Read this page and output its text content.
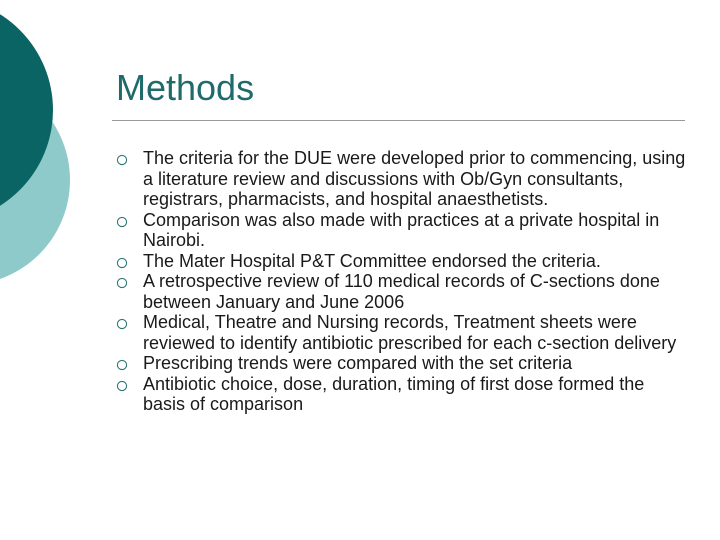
Methods
The criteria for the DUE were developed prior to commencing, using a literature review and discussions with Ob/Gyn consultants, registrars, pharmacists, and hospital anaesthetists.
Comparison was also made with practices at a private hospital in Nairobi.
The Mater Hospital P&T Committee endorsed the criteria.
A retrospective review of 110 medical records of C-sections done between January and June 2006
Medical, Theatre and Nursing records, Treatment sheets were reviewed to identify antibiotic prescribed for each c-section delivery
Prescribing trends were compared with the set criteria
Antibiotic choice, dose, duration, timing of first dose formed the basis of comparison
